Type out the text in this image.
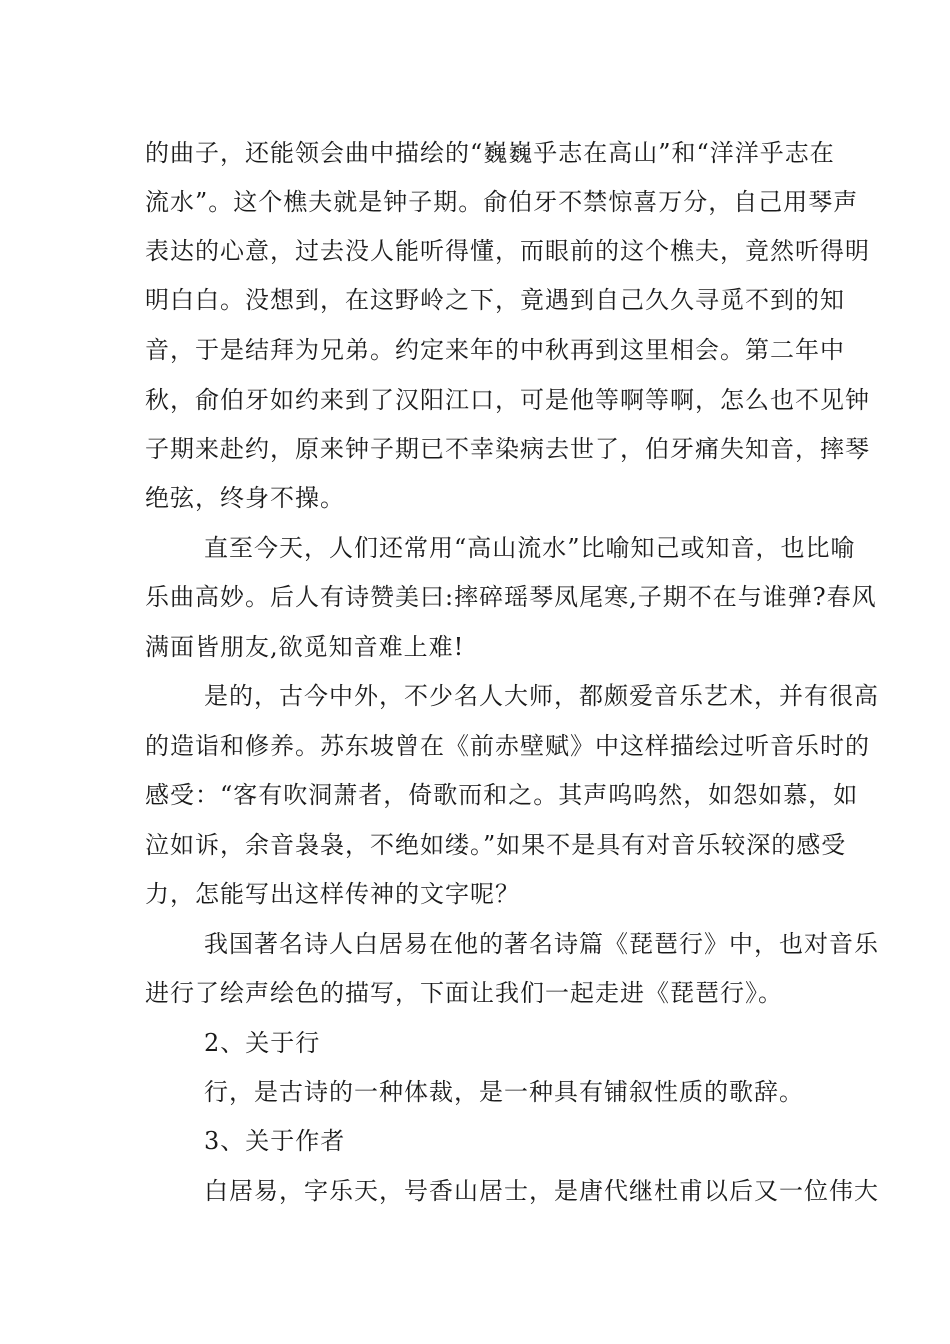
的曲子，还能领会曲中描绘的“巍巍乎志在高山”和“洋洋乎志在
流水”。这个樵夫就是钟子期。俞伯牙不禁惊喜万分，自己用琴声
表达的心意，过去没人能听得懂，而眼前的这个樵夫，竟然听得明
明白白。没想到，在这野岭之下，竟遇到自己久久寻觅不到的知
音，于是结拜为兄弟。约定来年的中秋再到这里相会。第二年中
秋，俞伯牙如约来到了汉阳江口，可是他等啊等啊，怎么也不见钟
子期来赴约，原来钟子期已不幸染病去世了，伯牙痛失知音，摔琴
绝弦，终身不操。
直至今天，人们还常用“高山流水”比喻知己或知音，也比喻
乐曲高妙。后人有诗赞美曰:摔碎瑶琴凤尾寒,子期不在与谁弹?春风
满面皆朋友,欲觅知音难上难!
是的，古今中外，不少名人大师，都颇爱音乐艺术，并有很高
的造诣和修养。苏东坡曾在《前赤壁赋》中这样描绘过听音乐时的
感受：“客有吹洞萧者，倚歌而和之。其声呜呜然，如怨如慕，如
泣如诉，余音袅袅，不绝如缕。”如果不是具有对音乐较深的感受
力，怎能写出这样传神的文字呢？
我国著名诗人白居易在他的著名诗篇《琵琶行》中，也对音乐
进行了绘声绘色的描写，下面让我们一起走进《琵琶行》。
2、关于行
行，是古诗的一种体裁，是一种具有铺叙性质的歌辞。
3、关于作者
白居易，字乐天，号香山居士，是唐代继杜甫以后又一位伟大
